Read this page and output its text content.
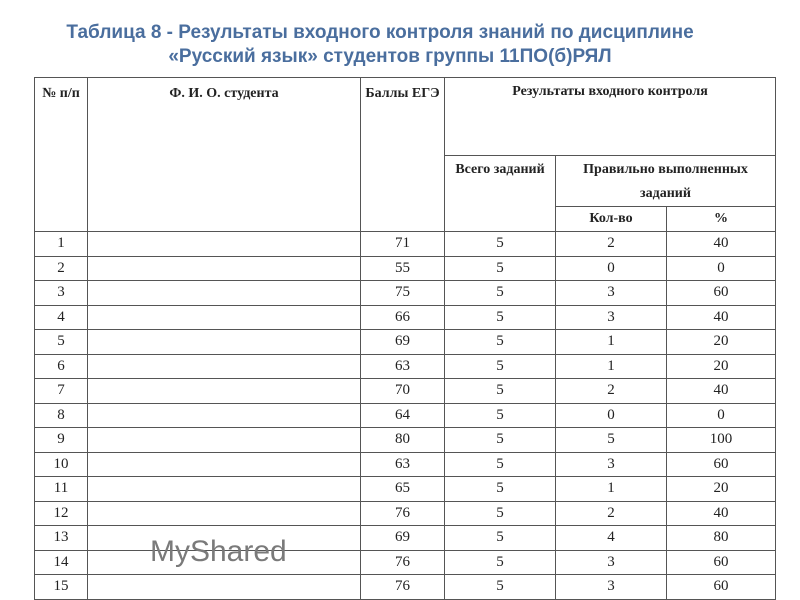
Таблица 8 - Результаты входного контроля знаний по дисциплине
«Русский язык» студентов группы 11ПО(б)РЯЛ
№ п/п	Ф. И. О. студента	Баллы ЕГЭ	Результаты входного контроля		
			Всего заданий	Правильно выполненных заданий	
				Кол-во	%
1		71	5	2	40
2		55	5	0	0
3		75	5	3	60
4		66	5	3	40
5		69	5	1	20
6		63	5	1	20
7		70	5	2	40
8		64	5	0	0
9		80	5	5	100
10		63	5	3	60
11		65	5	1	20
12		76	5	2	40
13		69	5	4	80
14		76	5	3	60
15		76	5	3	60
MyShared
